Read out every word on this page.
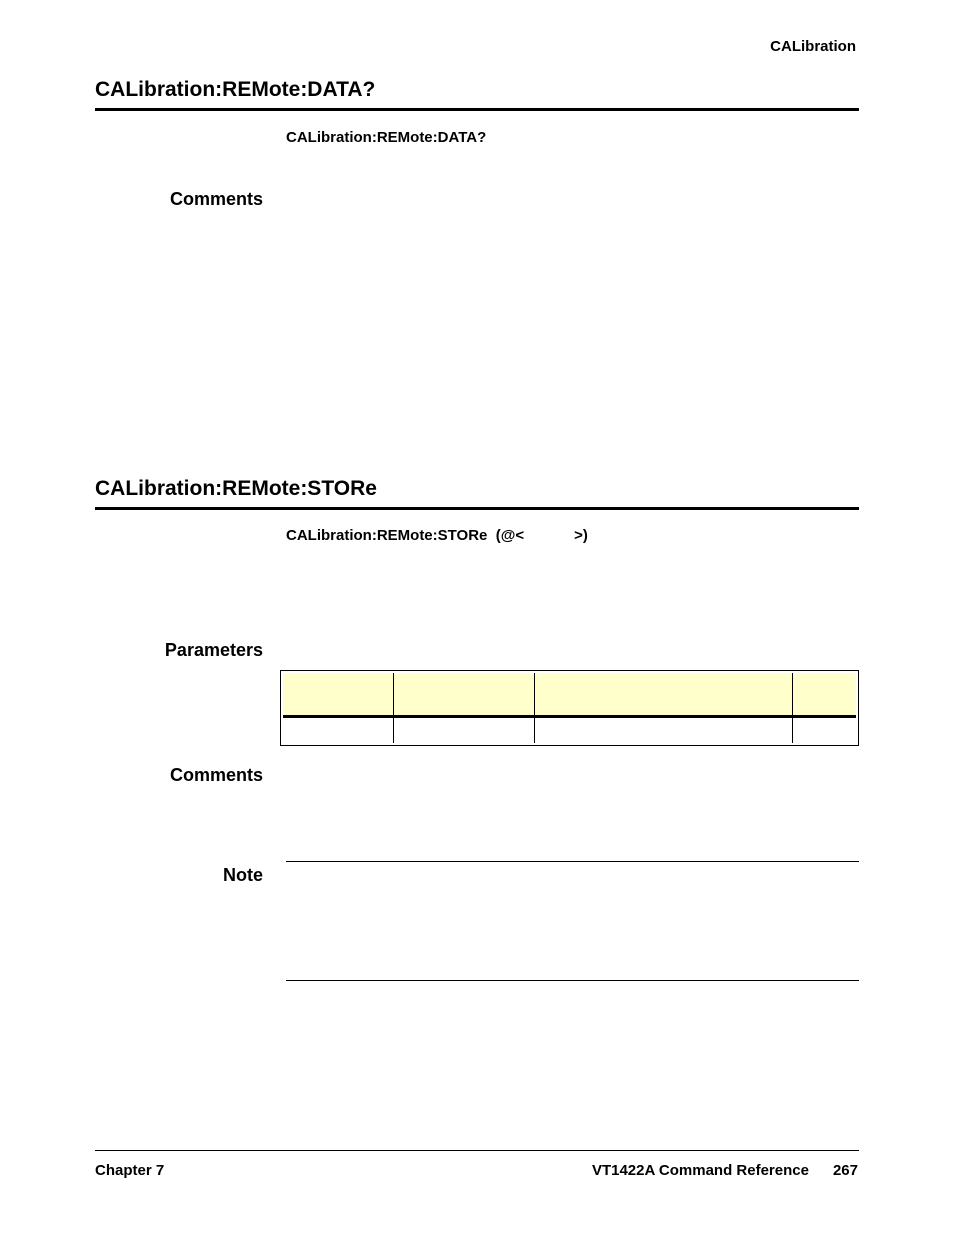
CALibration
CALibration:REMote:DATA?
CALibration:REMote:DATA?
Comments
CALibration:REMote:STORe
CALibration:REMote:STORe  (@<            >)
Parameters

Comments
Note
Chapter 7	VT1422A Command Reference 267
